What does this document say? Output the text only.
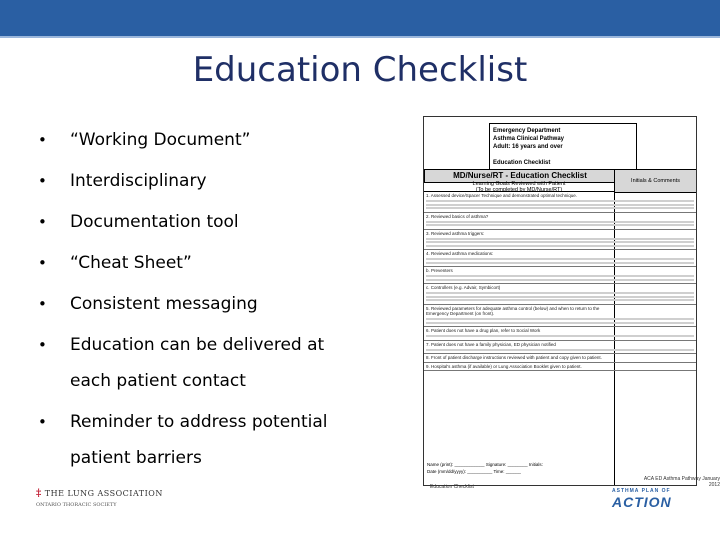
Education Checklist
• “Working Document”
• Interdisciplinary
• Documentation tool
• “Cheat Sheet”
• Consistent messaging
• Education can be delivered at
each patient contact
• Reminder to address potential
patient barriers
Emergency Department
Asthma Clinical Pathway
Adult: 16 years and over

Education Checklist
MD/Nurse/RT - Education Checklist
Learning Goals Reviewed with Patient
(To be completed by MD/Nurse/RT)
Initials & Comments
1. Assessed device/Spacer Technique and demonstrated optimal technique.
2. Reviewed basics of asthma?
3. Reviewed asthma triggers:
4. Reviewed asthma medications:
b. Preventers
c. Controllers (e.g. Advair, Symbicort)
5. Reviewed parameters for adequate asthma control (below) and when to return to the Emergency Department (on front).
6. Patient does not have a drug plan, refer to Social Work
7. Patient does not have a family physician, ED physician notified
8. Front of patient discharge instructions reviewed with patient and copy given to patient.
9. Hospital's asthma (if available) or Lung Association Booklet given to patient.
Name (print): ____________ Signature: ________ Initials:
Date (mm/dd/yyyy): __________ Time: ______
Education Checklist
ACA ED Asthma Pathway January 2012
‡ THE LUNG ASSOCIATION
ONTARIO THORACIC SOCIETY
ASTHMA PLAN OF
ACTION
